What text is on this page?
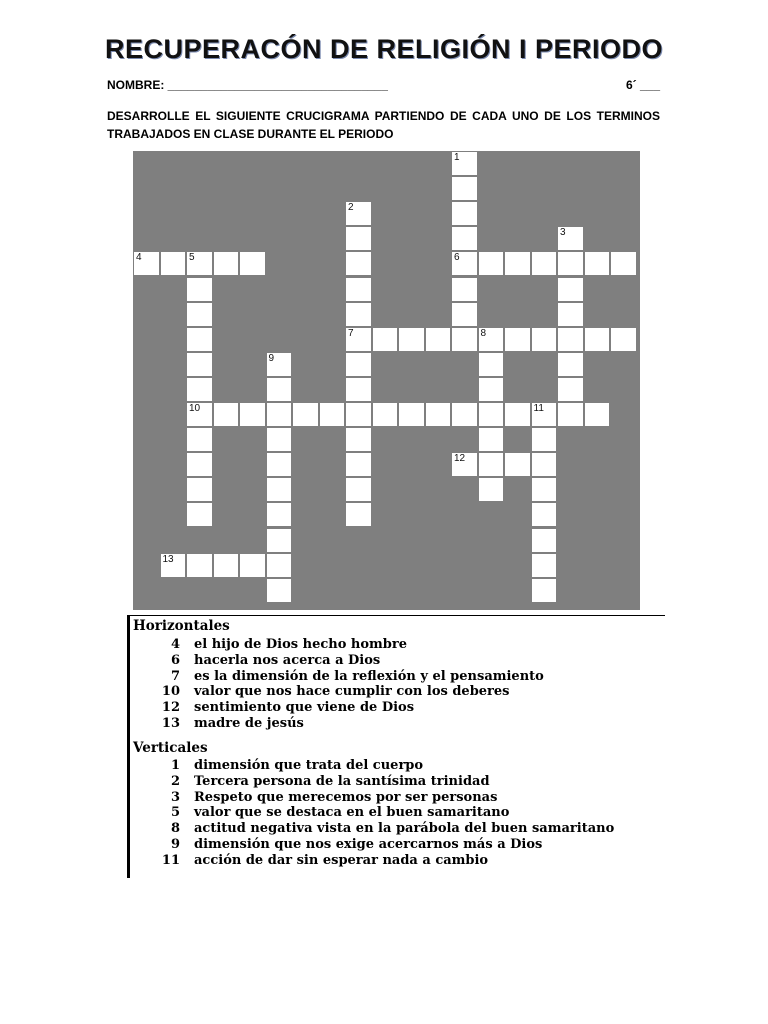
RECUPERACÓN DE RELIGIÓN I PERIODO
NOMBRE: _________________________________	6´ ___
DESARROLLE EL SIGUIENTE CRUCIGRAMA PARTIENDO DE CADA UNO DE LOS TERMINOS TRABAJADOS EN CLASE DURANTE EL PERIODO
1
6
2
7
3
4	5
10
8
9
11
12
13
Horizontales
Verticales
4 el hijo de Dios hecho hombre
6 hacerla nos acerca a Dios
7 es la dimensión de la reflexión y el pensamiento
10 valor que nos hace cumplir con los deberes
12 sentimiento que viene de Dios
13 madre de jesús
1 dimensión que trata del cuerpo
2 Tercera persona de la santísima trinidad
3 Respeto que merecemos por ser personas
5 valor que se destaca en el buen samaritano
8 actitud negativa vista en la parábola del buen samaritano
9 dimensión que nos exige acercarnos más a Dios
11 acción de dar sin esperar nada a cambio
